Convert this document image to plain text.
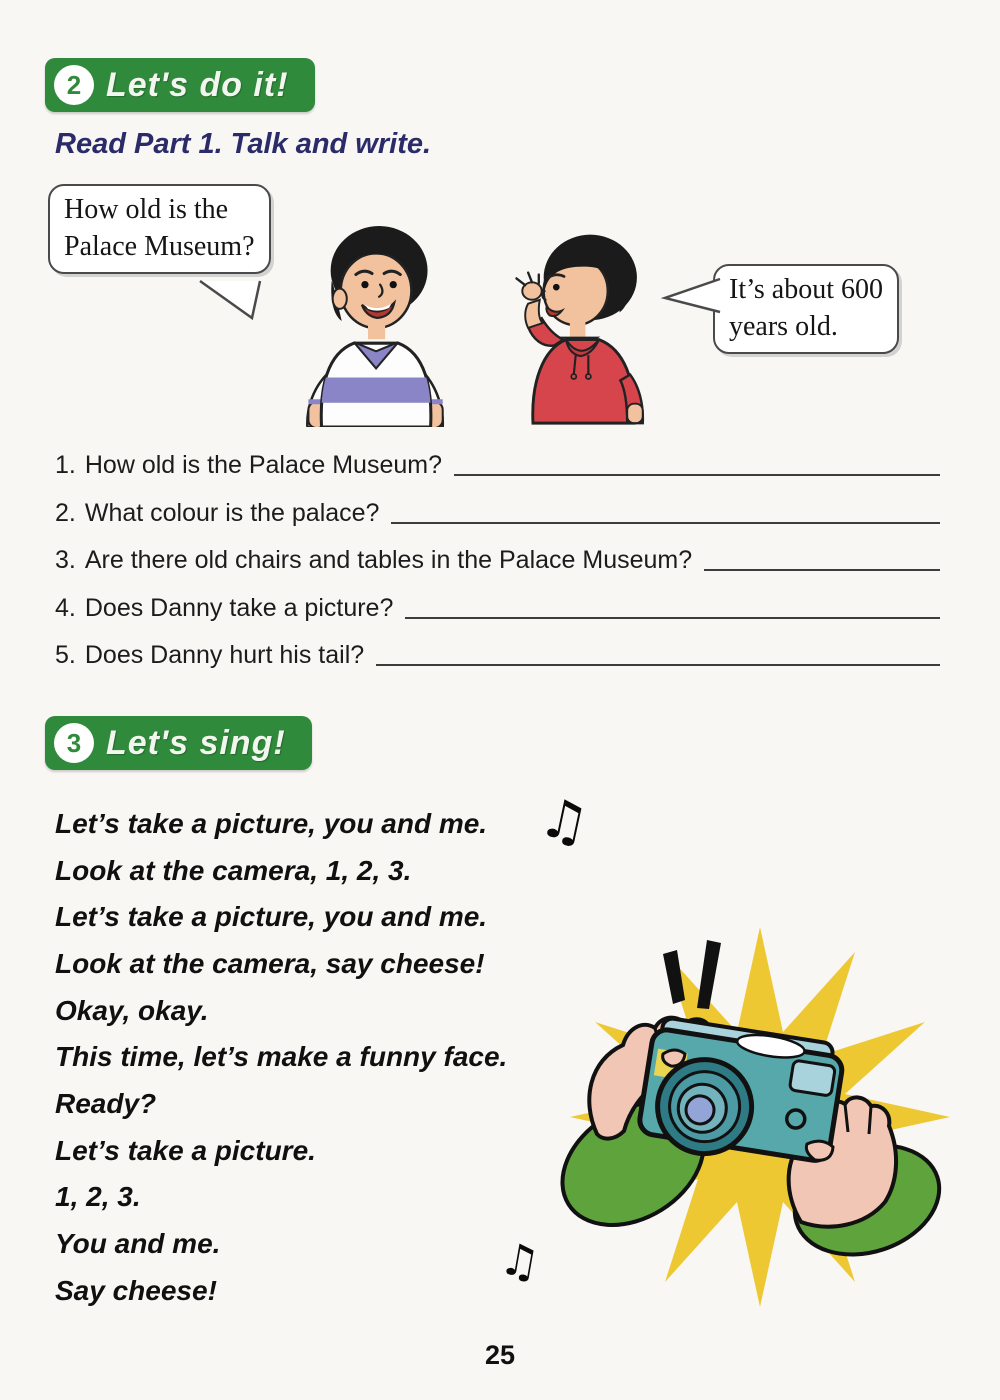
2 Let's do it!
Read Part 1. Talk and write.
How old is the
Palace Museum?
It’s about 600
years old.
1. How old is the Palace Museum?
2. What colour is the palace?
3. Are there old chairs and tables in the Palace Museum?
4. Does Danny take a picture?
5. Does Danny hurt his tail?
3 Let's sing!
Let’s take a picture, you and me.
Look at the camera, 1, 2, 3.
Let’s take a picture, you and me.
Look at the camera, say cheese!
Okay, okay.
This time, let’s make a funny face.
Ready?
Let’s take a picture.
1, 2, 3.
You and me.
Say cheese!
♫
♫
25
